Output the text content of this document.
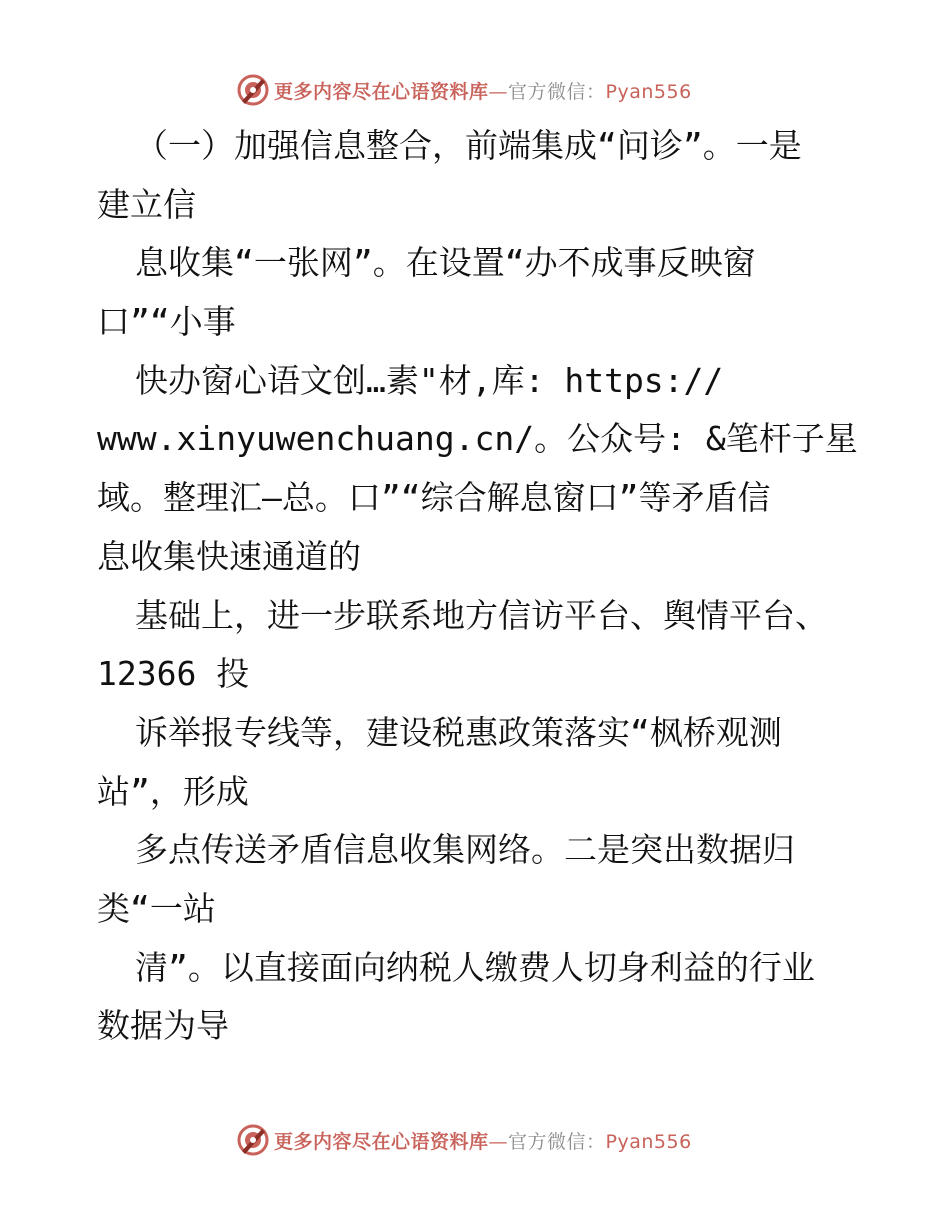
更多内容尽在心语资料库—官方微信：Pyan556
（一）加强信息整合，前端集成“问诊”。一是
建立信
息收集“一张网”。在设置“办不成事反映窗
口”“小事
快办窗心语文创…素"材,库: https://
www.xinyuwenchuang.cn/。公众号: &笔杆子星
域。整理汇—总。口”“综合解息窗口”等矛盾信
息收集快速通道的
基础上，进一步联系地方信访平台、舆情平台、
12366 投
诉举报专线等，建设税惠政策落实“枫桥观测
站”，形成
多点传送矛盾信息收集网络。二是突出数据归
类“一站
清”。以直接面向纳税人缴费人切身利益的行业
数据为导
更多内容尽在心语资料库—官方微信：Pyan556
